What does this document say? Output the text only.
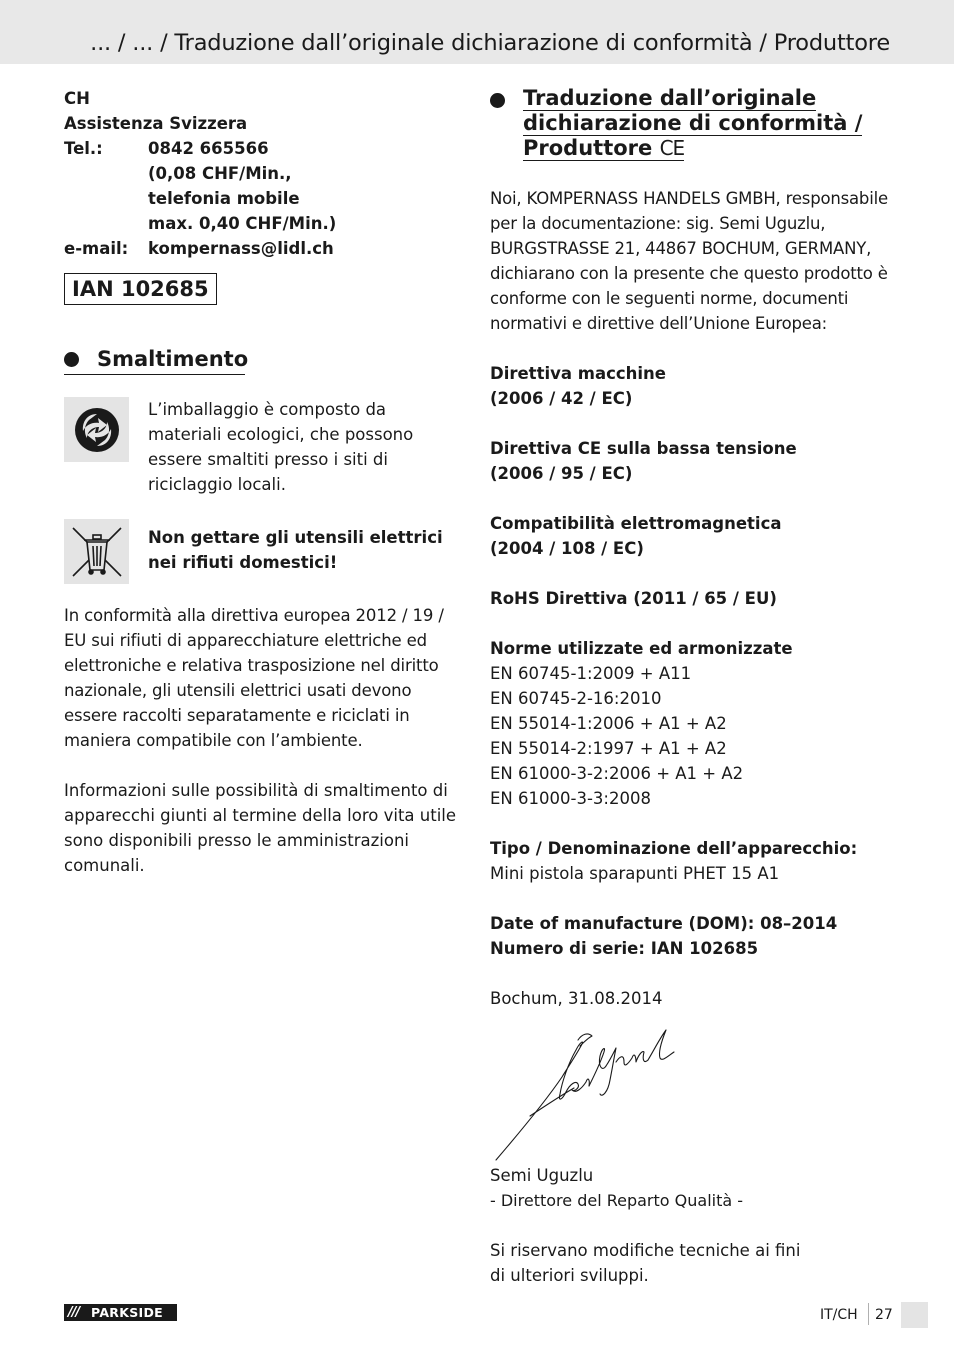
... / ... / Traduzione dall’originale dichiarazione di conformità / Produttore
CH
Assistenza Svizzera
Tel.:	0842 665566
(0,08 CHF/Min.,
telefonia mobile
max. 0,40 CHF/Min.)
e-mail:	kompernass@lidl.ch
IAN 102685
Smaltimento
L’imballaggio è composto da materiali ecologici, che possono essere smaltiti presso i siti di riciclaggio locali.
Non gettare gli utensili elettrici nei rifiuti domestici!
In conformità alla direttiva europea 2012 / 19 / EU sui rifiuti di apparecchiature elettriche ed elettroniche e relativa trasposizione nel diritto nazionale, gli utensili elettrici usati devono essere raccolti separatamente e riciclati in maniera compatibile con l’ambiente.
Informazioni sulle possibilità di smaltimento di apparecchi giunti al termine della loro vita utile sono disponibili presso le amministrazioni comunali.
Traduzione dall’originale dichiarazione di conformità / Produttore CE
Noi, KOMPERNASS HANDELS GMBH, responsabile per la documentazione: sig. Semi Uguzlu, BURGSTRASSE 21, 44867 BOCHUM, GERMANY, dichiarano con la presente che questo prodotto è conforme con le seguenti norme, documenti normativi e direttive dell’Unione Europea:
Direttiva macchine
(2006 / 42 / EC)
Direttiva CE sulla bassa tensione
(2006 / 95 / EC)
Compatibilità elettromagnetica
(2004 / 108 / EC)
RoHS Direttiva (2011 / 65 / EU)
Norme utilizzate ed armonizzate
EN 60745-1:2009 + A11
EN 60745-2-16:2010
EN 55014-1:2006 + A1 + A2
EN 55014-2:1997 + A1 + A2
EN 61000-3-2:2006 + A1 + A2
EN 61000-3-3:2008
Tipo / Denominazione dell’apparecchio:
Mini pistola sparapunti PHET 15 A1
Date of manufacture (DOM): 08–2014
Numero di serie: IAN 102685
Bochum, 31.08.2014
Semi Uguzlu
- Direttore del Reparto Qualità -
Si riservano modifiche tecniche ai fini di ulteriori sviluppi.
/// PARKSIDE	IT/CH 27
